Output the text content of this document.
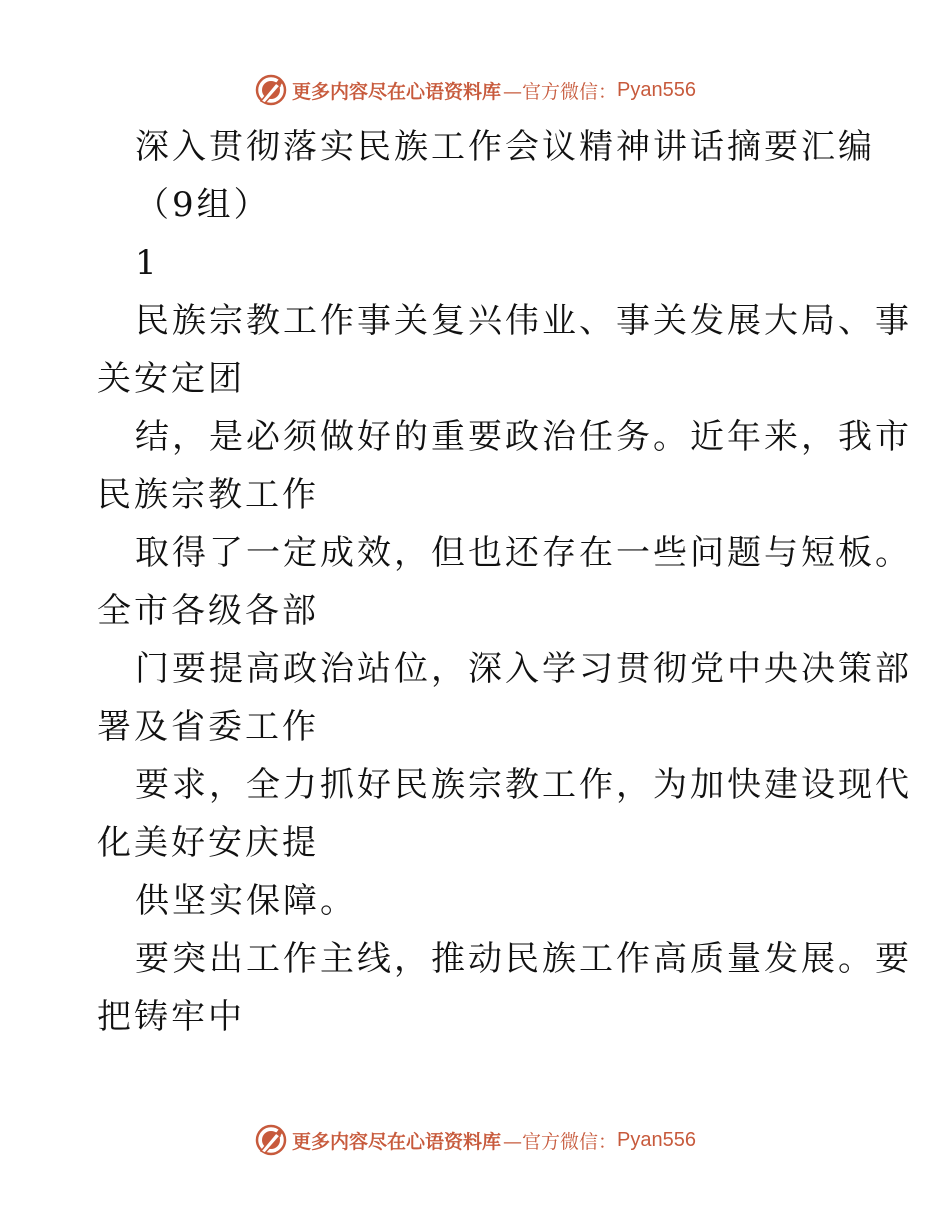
更多内容尽在心语资料库 —官方微信： Pyan556
深入贯彻落实民族工作会议精神讲话摘要汇编
（9组）
1
民族宗教工作事关复兴伟业、事关发展大局、事
关安定团
结，是必须做好的重要政治任务。近年来，我市
民族宗教工作
取得了一定成效，但也还存在一些问题与短板。
全市各级各部
门要提高政治站位，深入学习贯彻党中央决策部
署及省委工作
要求，全力抓好民族宗教工作，为加快建设现代
化美好安庆提
供坚实保障。
要突出工作主线，推动民族工作高质量发展。要
把铸牢中
更多内容尽在心语资料库 —官方微信： Pyan556
